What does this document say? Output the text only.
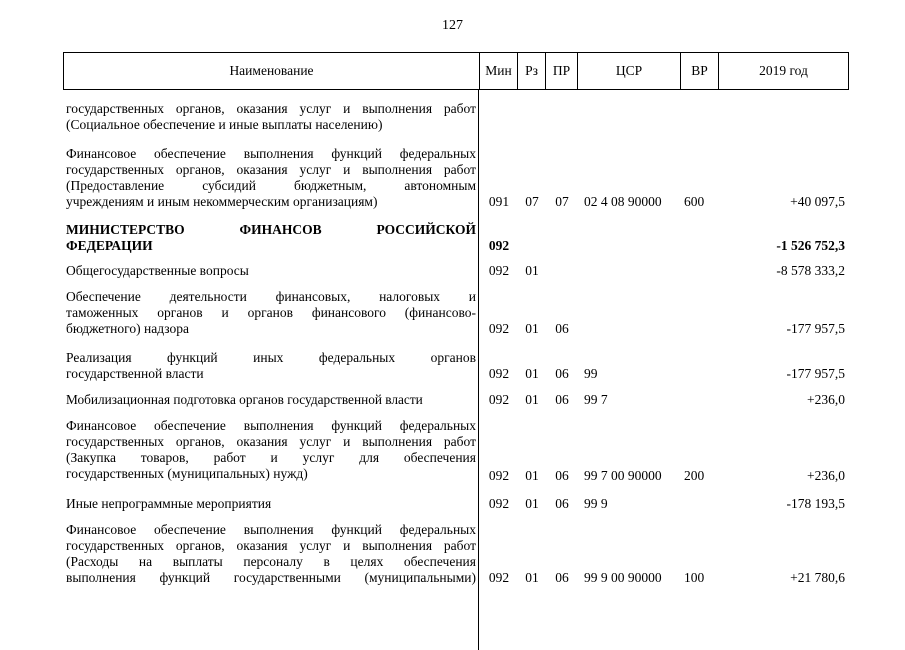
127
Наименование	Мин Рз	ПР	ЦСР	ВР	2019 год
государственных органов, оказания услуг и выполнения работ
(Социальное обеспечение и иные выплаты населению)
Финансовое обеспечение выполнения функций федеральных
государственных органов, оказания услуг и выполнения работ
(Предоставление субсидий бюджетным, автономным
учреждениям и иным некоммерческим организациям)	091	07	07	02 4 08 90000 600	+40 097,5
МИНИСТЕРСТВО ФИНАНСОВ РОССИЙСКОЙ
ФЕДЕРАЦИИ	092	-1 526 752,3
Общегосударственные вопросы	092	01	-8 578 333,2
Обеспечение деятельности финансовых, налоговых и
таможенных органов и органов финансового (финансово-
бюджетного) надзора	092	01	06	-177 957,5
Реализация функций иных федеральных органов
государственной власти	092	01	06	99	-177 957,5
Мобилизационная подготовка органов государственной власти	092	01	06	99 7	+236,0
Финансовое обеспечение выполнения функций федеральных
государственных органов, оказания услуг и выполнения работ
(Закупка товаров, работ и услуг для обеспечения
государственных (муниципальных) нужд)	092	01	06	99 7 00 90000 200	+236,0
Иные непрограммные мероприятия	092	01	06	99 9	-178 193,5
Финансовое обеспечение выполнения функций федеральных
государственных органов, оказания услуг и выполнения работ
(Расходы на выплаты персоналу в целях обеспечения
выполнения функций государственными (муниципальными) 092	01	06	99 9 00 90000 100	+21 780,6
